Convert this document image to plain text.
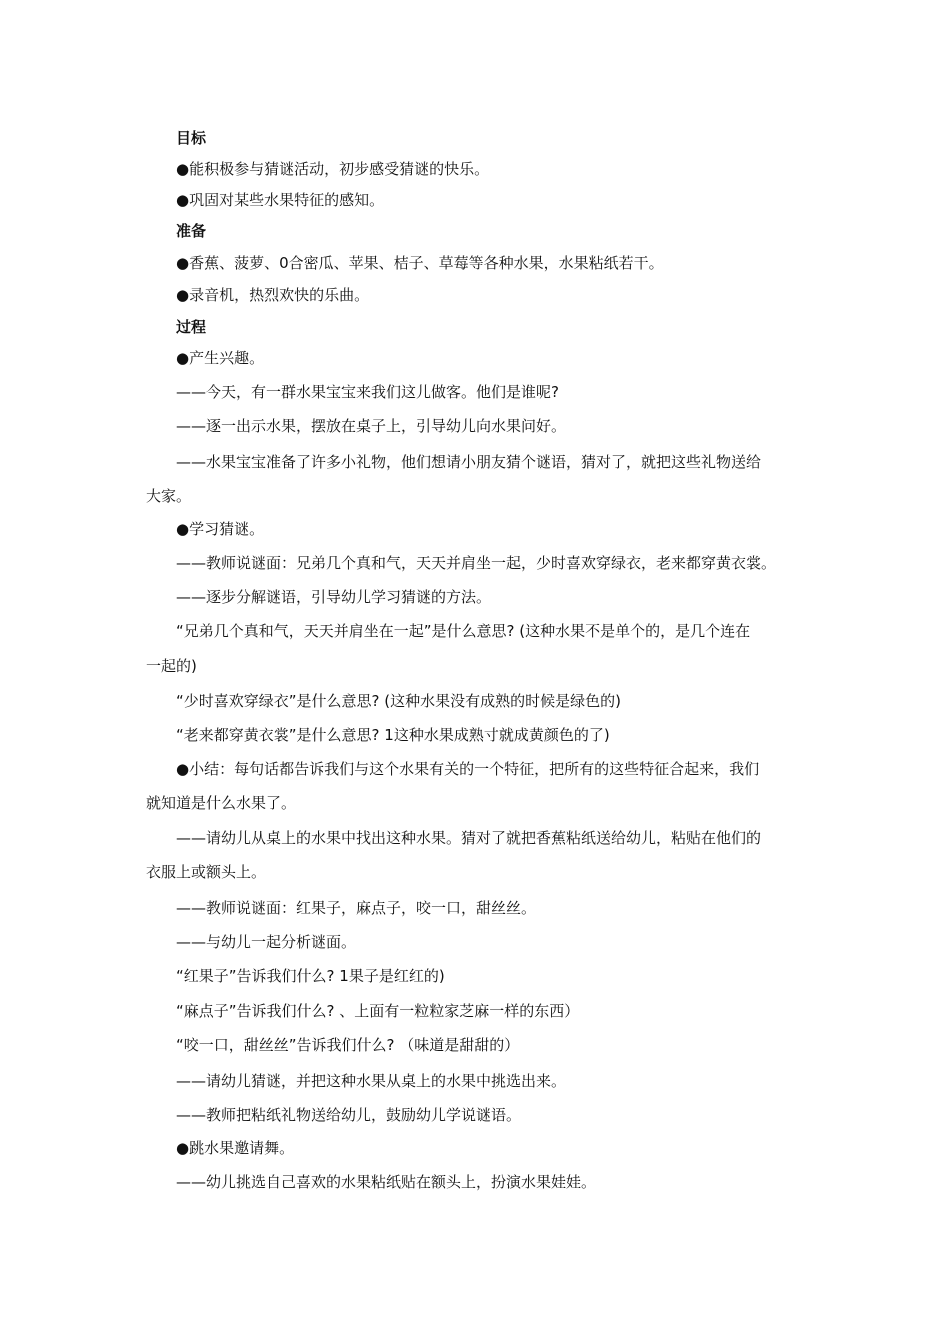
目标
●能积极参与猜谜活动，初步感受猜谜的快乐。
●巩固对某些水果特征的感知。
准备
●香蕉、菠萝、0合密瓜、苹果、桔子、草莓等各种水果，水果粘纸若干。
●录音机，热烈欢快的乐曲。
过程
●产生兴趣。
——今天，有一群水果宝宝来我们这儿做客。他们是谁呢?
——逐一出示水果，摆放在桌子上，引导幼儿向水果问好。
——水果宝宝准备了许多小礼物，他们想请小朋友猜个谜语，猜对了，就把这些礼物送给
大家。
●学习猜谜。
——教师说谜面：兄弟几个真和气，天天并肩坐一起，少时喜欢穿绿衣，老来都穿黄衣裳。
——逐步分解谜语，引导幼儿学习猜谜的方法。
“兄弟几个真和气，天天并肩坐在一起”是什么意思? (这种水果不是单个的，是几个连在
一起的)
“少时喜欢穿绿衣”是什么意思? (这种水果没有成熟的时候是绿色的)
“老来都穿黄衣裳”是什么意思? 1这种水果成熟寸就成黄颜色的了)
●小结：每句话都告诉我们与这个水果有关的一个特征，把所有的这些特征合起来，我们
就知道是什么水果了。
——请幼儿从桌上的水果中找出这种水果。猜对了就把香蕉粘纸送给幼儿，粘贴在他们的
衣服上或额头上。
——教师说谜面：红果子，麻点子，咬一口，甜丝丝。
——与幼儿一起分析谜面。
“红果子”告诉我们什么? 1果子是红红的)
“麻点子”告诉我们什么? 、上面有一粒粒家芝麻一样的东西）
“咬一口，甜丝丝”告诉我们什么? （味道是甜甜的）
——请幼儿猜谜，并把这种水果从桌上的水果中挑选出来。
——教师把粘纸礼物送给幼儿，鼓励幼儿学说谜语。
●跳水果邀请舞。
——幼儿挑选自己喜欢的水果粘纸贴在额头上，扮演水果娃娃。
